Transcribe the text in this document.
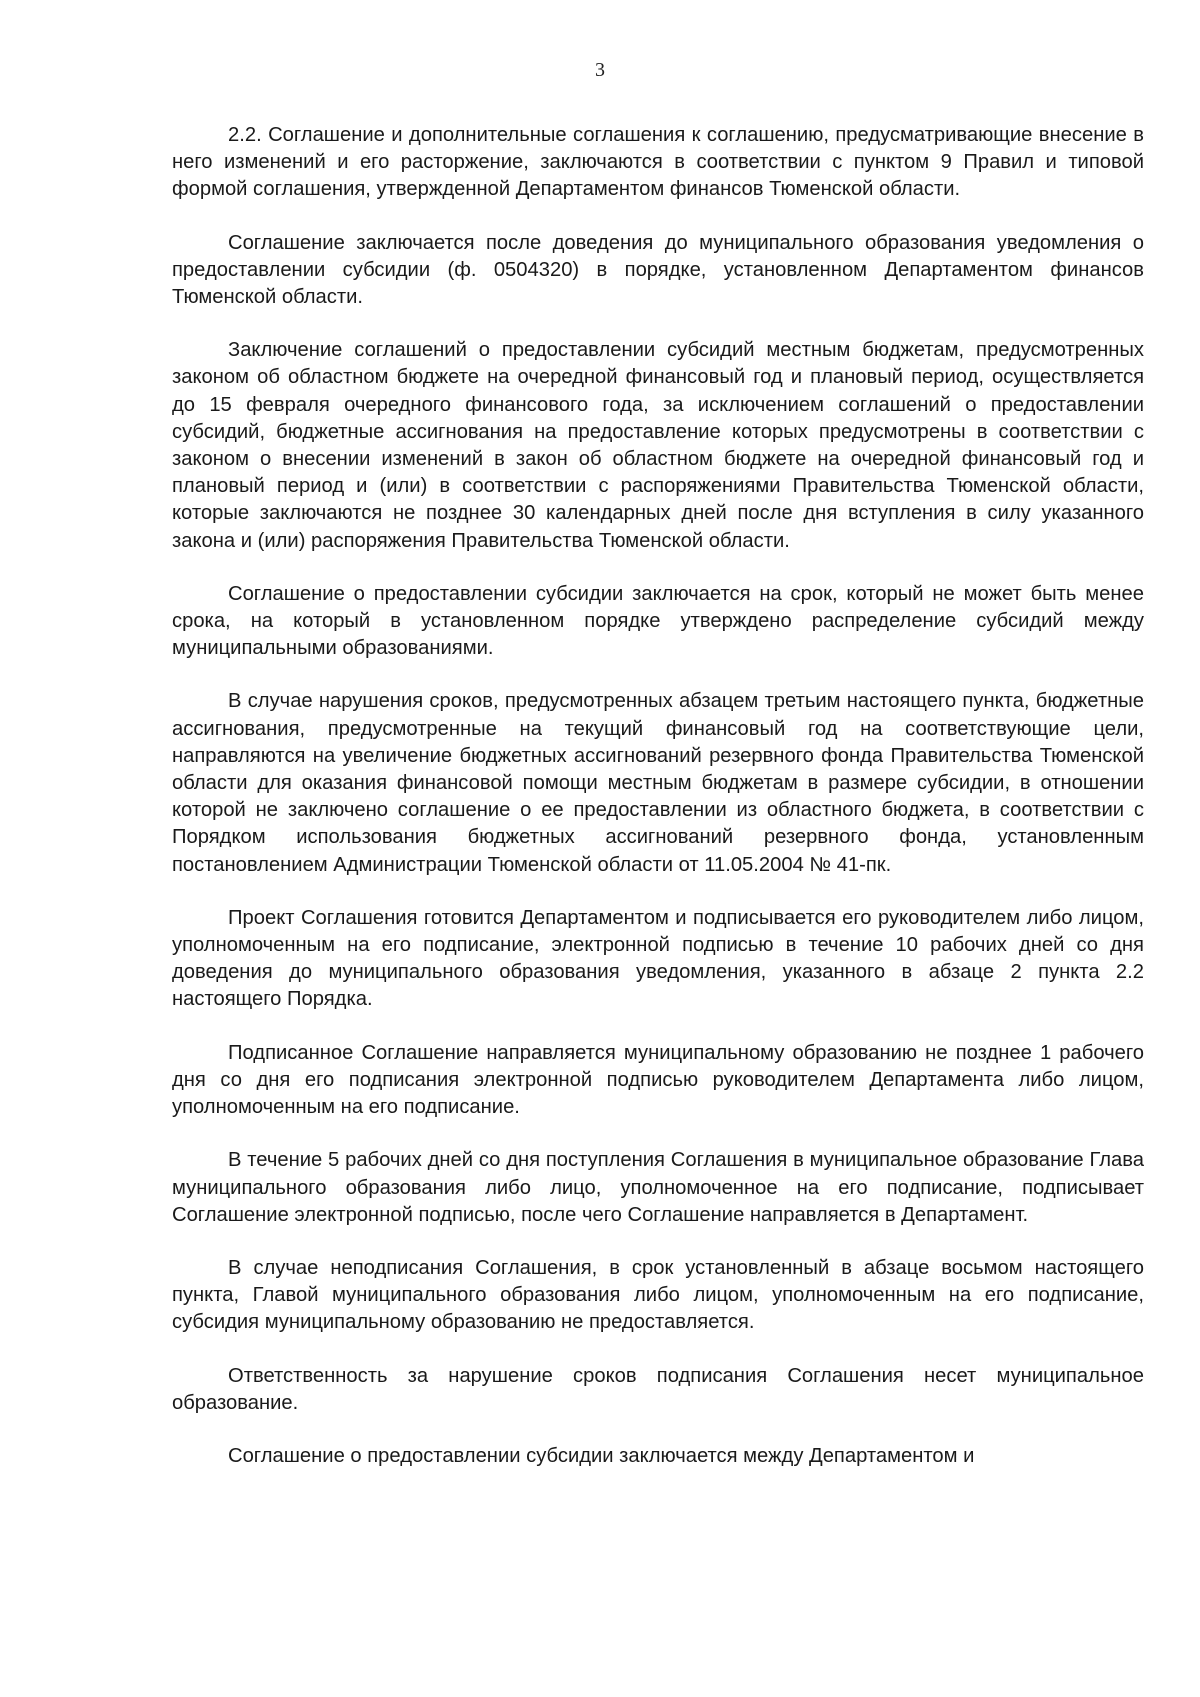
3

2.2. Соглашение и дополнительные соглашения к соглашению, предусматривающие внесение в него изменений и его расторжение, заключаются в соответствии с пунктом 9 Правил и типовой формой соглашения, утвержденной Департаментом финансов Тюменской области.

Соглашение заключается после доведения до муниципального образования уведомления о предоставлении субсидии (ф. 0504320) в порядке, установленном Департаментом финансов Тюменской области.

Заключение соглашений о предоставлении субсидий местным бюджетам, предусмотренных законом об областном бюджете на очередной финансовый год и плановый период, осуществляется до 15 февраля очередного финансового года, за исключением соглашений о предоставлении субсидий, бюджетные ассигнования на предоставление которых предусмотрены в соответствии с законом о внесении изменений в закон об областном бюджете на очередной финансовый год и плановый период и (или) в соответствии с распоряжениями Правительства Тюменской области, которые заключаются не позднее 30 календарных дней после дня вступления в силу указанного закона и (или) распоряжения Правительства Тюменской области.

Соглашение о предоставлении субсидии заключается на срок, который не может быть менее срока, на который в установленном порядке утверждено распределение субсидий между муниципальными образованиями.

В случае нарушения сроков, предусмотренных абзацем третьим настоящего пункта, бюджетные ассигнования, предусмотренные на текущий финансовый год на соответствующие цели, направляются на увеличение бюджетных ассигнований резервного фонда Правительства Тюменской области для оказания финансовой помощи местным бюджетам в размере субсидии, в отношении которой не заключено соглашение о ее предоставлении из областного бюджета, в соответствии с Порядком использования бюджетных ассигнований резервного фонда, установленным постановлением Администрации Тюменской области от 11.05.2004 № 41-пк.

Проект Соглашения готовится Департаментом и подписывается его руководителем либо лицом, уполномоченным на его подписание, электронной подписью в течение 10 рабочих дней со дня доведения до муниципального образования уведомления, указанного в абзаце 2 пункта 2.2 настоящего Порядка.

Подписанное Соглашение направляется муниципальному образованию не позднее 1 рабочего дня со дня его подписания электронной подписью руководителем Департамента либо лицом, уполномоченным на его подписание.

В течение 5 рабочих дней со дня поступления Соглашения в муниципальное образование Глава муниципального образования либо лицо, уполномоченное на его подписание, подписывает Соглашение электронной подписью, после чего Соглашение направляется в Департамент.

В случае неподписания Соглашения, в срок установленный в абзаце восьмом настоящего пункта, Главой муниципального образования либо лицом, уполномоченным на его подписание, субсидия муниципальному образованию не предоставляется.

Ответственность за нарушение сроков подписания Соглашения несет муниципальное образование.

Соглашение о предоставлении субсидии заключается между Департаментом и
